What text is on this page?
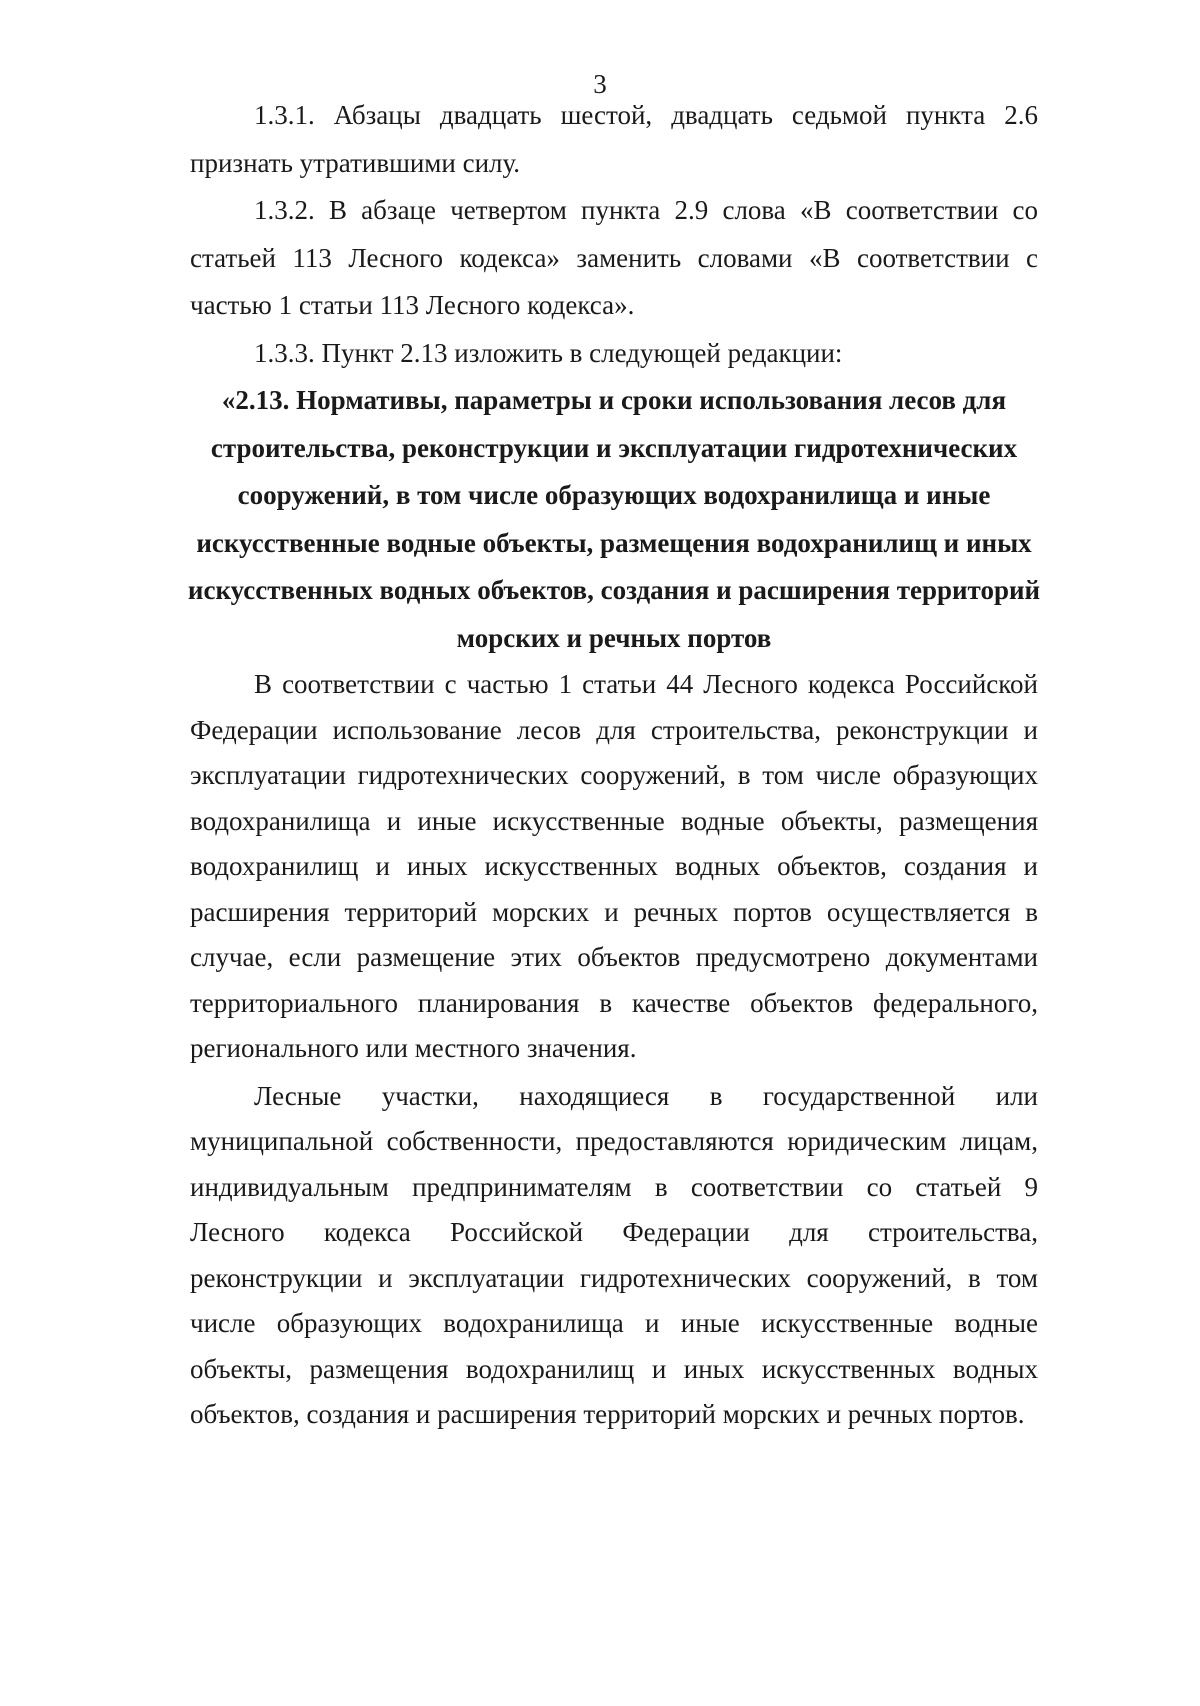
3

1.3.1. Абзацы двадцать шестой, двадцать седьмой пункта 2.6 признать утратившими силу.

1.3.2. В абзаце четвертом пункта 2.9 слова «В соответствии со статьей 113 Лесного кодекса» заменить словами «В соответствии с частью 1 статьи 113 Лесного кодекса».

1.3.3. Пункт 2.13 изложить в следующей редакции:

«2.13. Нормативы, параметры и сроки использования лесов для строительства, реконструкции и эксплуатации гидротехнических сооружений, в том числе образующих водохранилища и иные искусственные водные объекты, размещения водохранилищ и иных искусственных водных объектов, создания и расширения территорий морских и речных портов

В соответствии с частью 1 статьи 44 Лесного кодекса Российской Федерации использование лесов для строительства, реконструкции и эксплуатации гидротехнических сооружений, в том числе образующих водохранилища и иные искусственные водные объекты, размещения водохранилищ и иных искусственных водных объектов, создания и расширения территорий морских и речных портов осуществляется в случае, если размещение этих объектов предусмотрено документами территориального планирования в качестве объектов федерального, регионального или местного значения.

Лесные участки, находящиеся в государственной или муниципальной собственности, предоставляются юридическим лицам, индивидуальным предпринимателям в соответствии со статьей 9 Лесного кодекса Российской Федерации для строительства, реконструкции и эксплуатации гидротехнических сооружений, в том числе образующих водохранилища и иные искусственные водные объекты, размещения водохранилищ и иных искусственных водных объектов, создания и расширения территорий морских и речных портов.
